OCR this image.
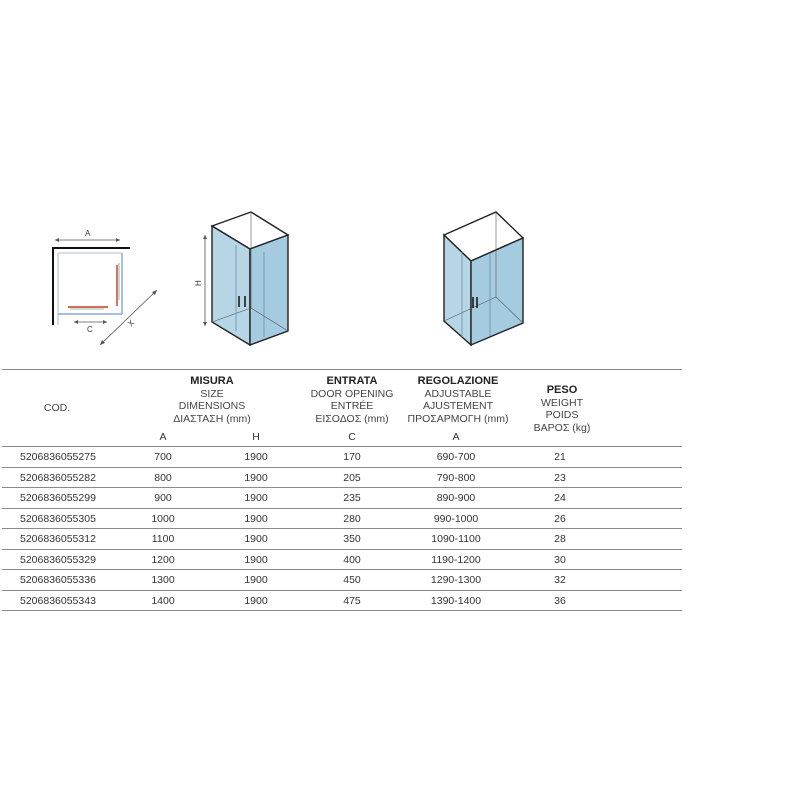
A
C
X
H
COD.
MISURA
SIZE
DIMENSIONS
ΔΙΑΣΤΑΣΗ (mm)
A	H
ENTRATA
DOOR OPENING
ENTRÉE
ΕΙΣΟΔΟΣ (mm)
C
REGOLAZIONE
ADJUSTABLE
AJUSTEMENT
ΠΡΟΣΑΡΜΟΓΗ (mm)
A
PESO
WEIGHT
POIDS
ΒΑΡΟΣ (kg)
5206836055275	700	1900	170	690-700	21
5206836055282	800	1900	205	790-800	23
5206836055299	900	1900	235	890-900	24
5206836055305	1000	1900	280	990-1000	26
5206836055312	1100	1900	350	1090-1100	28
5206836055329	1200	1900	400	1190-1200	30
5206836055336	1300	1900	450	1290-1300	32
5206836055343	1400	1900	475	1390-1400	36
